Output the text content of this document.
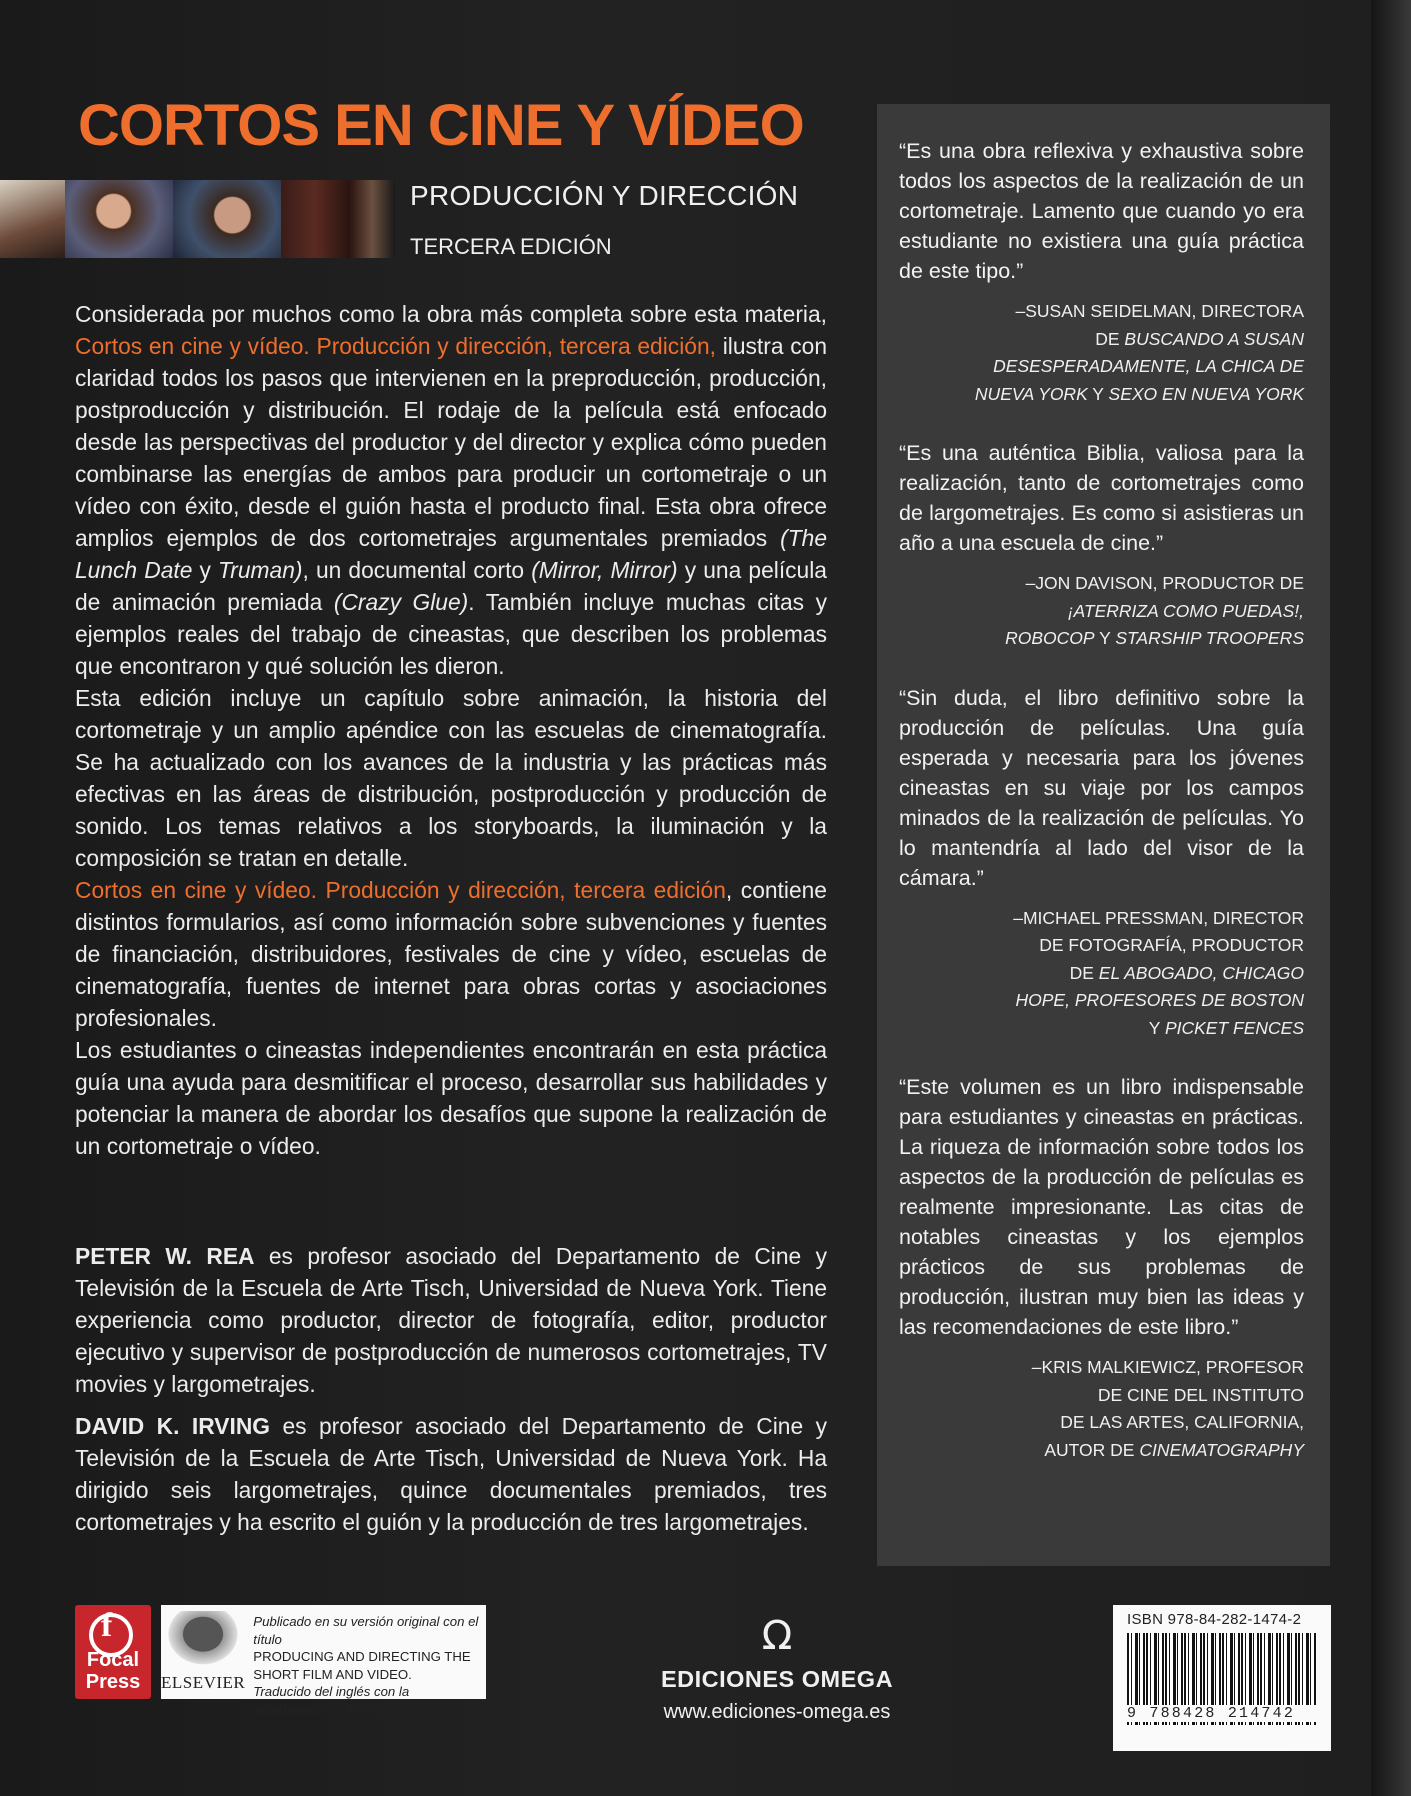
CORTOS EN CINE Y VÍDEO
PRODUCCIÓN Y DIRECCIÓN
TERCERA EDICIÓN

Considerada por muchos como la obra más completa sobre esta materia, Cortos en cine y vídeo. Producción y dirección, tercera edición, ilustra con claridad todos los pasos que intervienen en la preproducción, producción, postproducción y distribución. El rodaje de la película está enfocado desde las perspectivas del productor y del director y explica cómo pueden combinarse las energías de ambos para producir un cortometraje o un vídeo con éxito, desde el guión hasta el producto final. Esta obra ofrece amplios ejemplos de dos cortometrajes argumentales premiados (The Lunch Date y Truman), un documental corto (Mirror, Mirror) y una película de animación premiada (Crazy Glue). También incluye muchas citas y ejemplos reales del trabajo de cineastas, que describen los problemas que encontraron y qué solución les dieron.

Esta edición incluye un capítulo sobre animación, la historia del cortometraje y un amplio apéndice con las escuelas de cinematografía. Se ha actualizado con los avances de la industria y las prácticas más efectivas en las áreas de distribución, postproducción y producción de sonido. Los temas relativos a los storyboards, la iluminación y la composición se tratan en detalle.

Cortos en cine y vídeo. Producción y dirección, tercera edición, contiene distintos formularios, así como información sobre subvenciones y fuentes de financiación, distribuidores, festivales de cine y vídeo, escuelas de cinematografía, fuentes de internet para obras cortas y asociaciones profesionales.

Los estudiantes o cineastas independientes encontrarán en esta práctica guía una ayuda para desmitificar el proceso, desarrollar sus habilidades y potenciar la manera de abordar los desafíos que supone la realización de un cortometraje o vídeo.

PETER W. REA es profesor asociado del Departamento de Cine y Televisión de la Escuela de Arte Tisch, Universidad de Nueva York. Tiene experiencia como productor, director de fotografía, editor, productor ejecutivo y supervisor de postproducción de numerosos cortometrajes, TV movies y largometrajes.

DAVID K. IRVING es profesor asociado del Departamento de Cine y Televisión de la Escuela de Arte Tisch, Universidad de Nueva York. Ha dirigido seis largometrajes, quince documentales premiados, tres cortometrajes y ha escrito el guión y la producción de tres largometrajes.

“Es una obra reflexiva y exhaustiva sobre todos los aspectos de la realización de un cortometraje. Lamento que cuando yo era estudiante no existiera una guía práctica de este tipo.”

–SUSAN SEIDELMAN, DIRECTORA
DE BUSCANDO A SUSAN
DESESPERADAMENTE, LA CHICA DE
NUEVA YORK Y SEXO EN NUEVA YORK

“Es una auténtica Biblia, valiosa para la realización, tanto de cortometrajes como de largometrajes. Es como si asistieras un año a una escuela de cine.”

–JON DAVISON, PRODUCTOR DE
¡ATERRIZA COMO PUEDAS!,
ROBOCOP Y STARSHIP TROOPERS

“Sin duda, el libro definitivo sobre la producción de películas. Una guía esperada y necesaria para los jóvenes cineastas en su viaje por los campos minados de la realización de películas. Yo lo mantendría al lado del visor de la cámara.”

–MICHAEL PRESSMAN, DIRECTOR
DE FOTOGRAFÍA, PRODUCTOR
DE EL ABOGADO, CHICAGO
HOPE, PROFESORES DE BOSTON
Y PICKET FENCES

“Este volumen es un libro indispensable para estudiantes y cineastas en prácticas. La riqueza de información sobre todos los aspectos de la producción de películas es realmente impresionante. Las citas de notables cineastas y los ejemplos prácticos de sus problemas de producción, ilustran muy bien las ideas y las recomendaciones de este libro.”

–KRIS MALKIEWICZ, PROFESOR
DE CINE DEL INSTITUTO
DE LAS ARTES, CALIFORNIA,
AUTOR DE CINEMATOGRAPHY

f
Focal Press ELSEVIER
Publicado en su versión original con el título
PRODUCING AND DIRECTING THE SHORT FILM AND VIDEO.
Traducido del inglés con la autorización de Elsevier.
Ω
EDICIONES OMEGA
www.ediciones-omega.es
ISBN 978-84-282-1474-2
9 788428 214742
